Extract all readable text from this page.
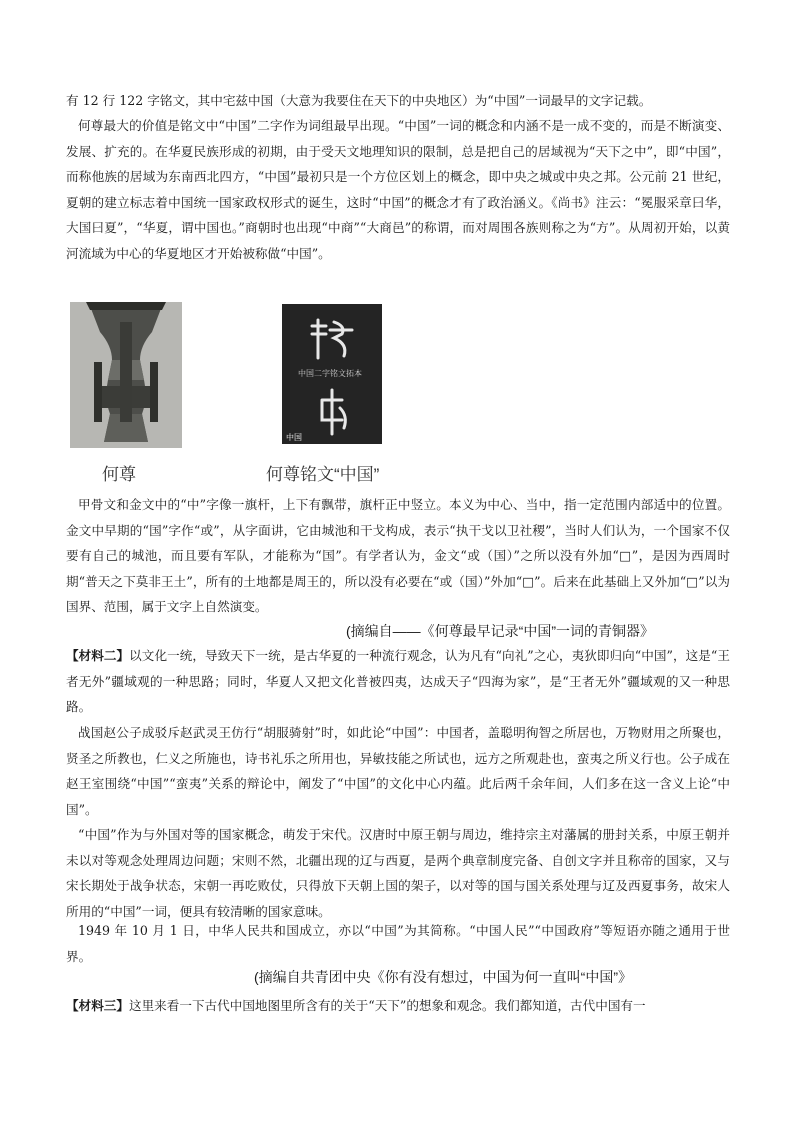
有 12 行 122 字铭文，其中宅兹中国（大意为我要住在天下的中央地区）为“中国”一词最早的文字记载。

何尊最大的价值是铭文中“中国”二字作为词组最早出现。“中国”一词的概念和内涵不是一成不变的，而是不断演变、发展、扩充的。在华夏民族形成的初期，由于受天文地理知识的限制，总是把自己的居域视为“天下之中”，即“中国”，而称他族的居域为东南西北四方，“中国”最初只是一个方位区划上的概念，即中央之城或中央之邦。公元前 21 世纪，夏朝的建立标志着中国统一国家政权形式的诞生，这时“中国”的概念才有了政治涵义。《尚书》注云：“冕服采章曰华，大国曰夏”，“华夏，谓中国也。”商朝时也出现“中商”“大商邑”的称谓，而对周围各族则称之为“方”。从周初开始，以黄河流域为中心的华夏地区才开始被称做“中国”。

何尊
中国二字铭文拓本
中国
何尊铭文“中国”

甲骨文和金文中的“中”字像一旗杆，上下有飘带，旗杆正中竖立。本义为中心、当中，指一定范围内部适中的位置。金文中早期的“国”字作“或”，从字面讲，它由城池和干戈构成，表示“执干戈以卫社稷”，当时人们认为，一个国家不仅要有自己的城池，而且要有军队，才能称为“国”。有学者认为，金文“或（国）”之所以没有外加“□”，是因为西周时期“普天之下莫非王土”，所有的土地都是周王的，所以没有必要在“或（国）”外加“□”。后来在此基础上又外加“□”以为国界、范围，属于文字上自然演变。

(摘编自——《何尊最早记录“中国”一词的青铜器》

【材料二】以文化一统，导致天下一统，是古华夏的一种流行观念，认为凡有“向礼”之心，夷狄即归向“中国”，这是“王者无外”疆域观的一种思路；同时，华夏人又把文化普被四夷，达成天子“四海为家”，是“王者无外”疆域观的又一种思路。

战国赵公子成驳斥赵武灵王仿行“胡服骑射”时，如此论“中国”：中国者，盖聪明徇智之所居也，万物财用之所聚也，贤圣之所教也，仁义之所施也，诗书礼乐之所用也，异敏技能之所试也，远方之所观赴也，蛮夷之所义行也。公子成在赵王室围绕“中国”“蛮夷”关系的辩论中，阐发了“中国”的文化中心内蕴。此后两千余年间，人们多在这一含义上论“中国”。

“中国”作为与外国对等的国家概念，萌发于宋代。汉唐时中原王朝与周边，维持宗主对藩属的册封关系，中原王朝并未以对等观念处理周边问题；宋则不然，北疆出现的辽与西夏，是两个典章制度完备、自创文字并且称帝的国家，又与宋长期处于战争状态，宋朝一再吃败仗，只得放下天朝上国的架子，以对等的国与国关系处理与辽及西夏事务，故宋人所用的“中国”一词，便具有较清晰的国家意味。

1949 年 10 月 1 日，中华人民共和国成立，亦以“中国”为其简称。“中国人民”“中国政府”等短语亦随之通用于世界。

(摘编自共青团中央《你有没有想过，中国为何一直叫“中国”》

【材料三】这里来看一下古代中国地图里所含有的关于“天下”的想象和观念。我们都知道，古代中国有一
